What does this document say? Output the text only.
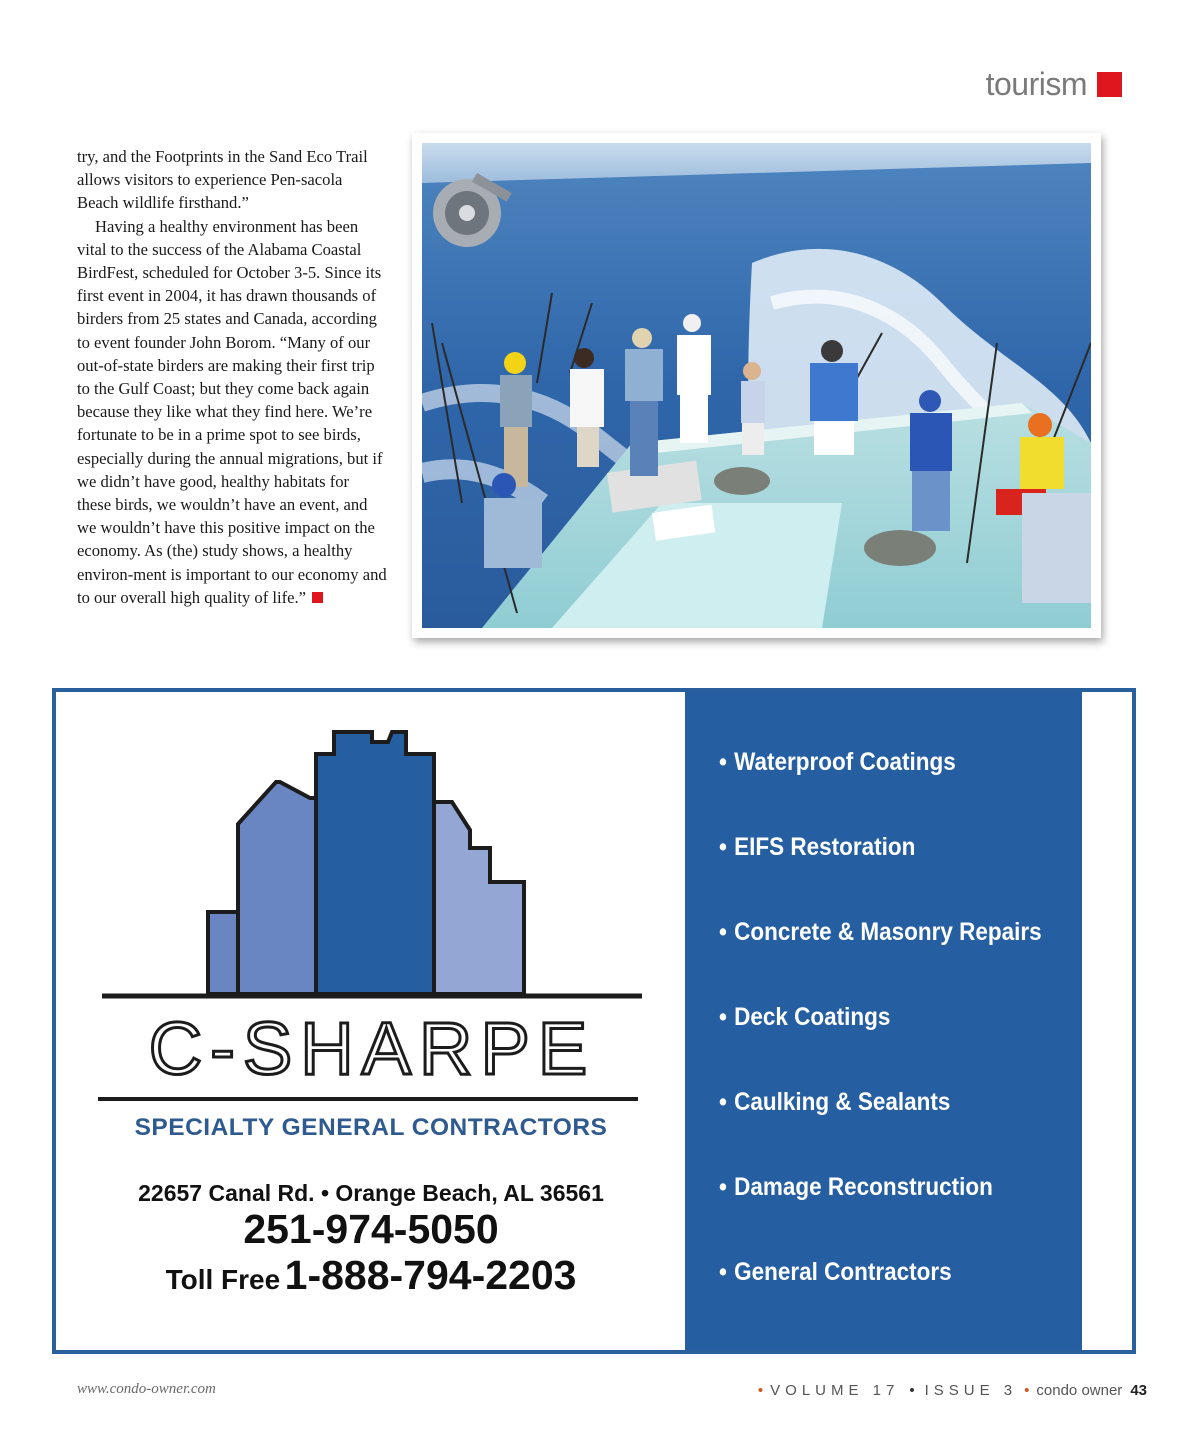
tourism

try, and the Footprints in the Sand Eco Trail allows visitors to experience Pen-sacola Beach wildlife firsthand.”

Having a healthy environment has been vital to the success of the Alabama Coastal BirdFest, scheduled for October 3-5. Since its first event in 2004, it has drawn thousands of birders from 25 states and Canada, according to event founder John Borom. “Many of our out-of-state birders are making their first trip to the Gulf Coast; but they come back again because they like what they find here. We’re fortunate to be in a prime spot to see birds, especially during the annual migrations, but if we didn’t have good, healthy habitats for these birds, we wouldn’t have an event, and we wouldn’t have this positive impact on the economy. As (the) study shows, a healthy environ-ment is important to our economy and to our overall high quality of life.”

C-SHARPE
SPECIALTY GENERAL CONTRACTORS
22657 Canal Rd. • Orange Beach, AL 36561
251-974-5050
Toll Free 1-888-794-2203
• Waterproof Coatings
• EIFS Restoration
• Concrete & Masonry Repairs
• Deck Coatings
• Caulking & Sealants
• Damage Reconstruction
• General Contractors
www.condo-owner.com	• VOLUME 17 • ISSUE 3 • condo owner 43
